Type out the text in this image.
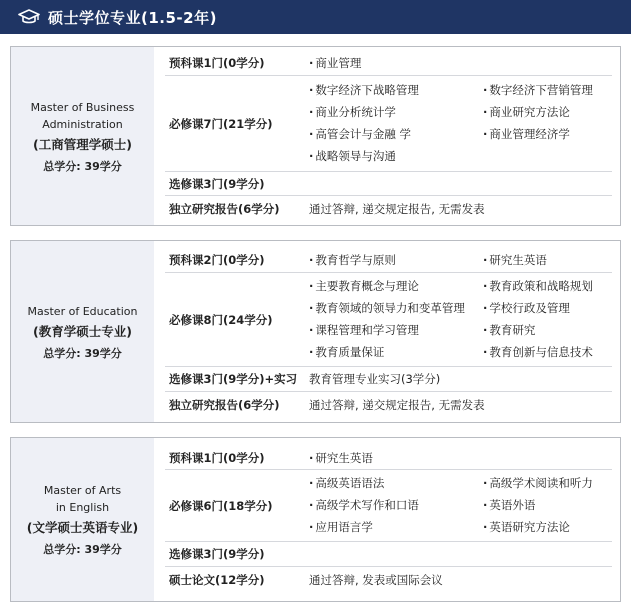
硕士学位专业(1.5-2年)
Master of Business
Administration
(工商管理学硕士)
总学分: 39学分
预科课1门(0学分)	· 商业管理
必修课7门(21学分)
· 数字经济下战略管理	· 数字经济下营销管理
· 商业分析统计学	· 商业研究方法论
· 高管会计与金融 学	· 商业管理经济学
· 战略领导与沟通
选修课3门(9学分)
独立研究报告(6学分)	通过答辩, 递交规定报告, 无需发表
Master of Education
(教育学硕士专业)
总学分: 39学分
预科课2门(0学分)	· 教育哲学与原则	· 研究生英语
必修课8门(24学分)
· 主要教育概念与理论	· 教育政策和战略规划
· 教育领域的领导力和变革管理	· 学校行政及管理
· 课程管理和学习管理	· 教育研究
· 教育质量保证	· 教育创新与信息技术
选修课3门(9学分)+实习	教育管理专业实习(3学分)
独立研究报告(6学分)	通过答辩, 递交规定报告, 无需发表
Master of Arts
in English
(文学硕士英语专业)
总学分: 39学分
预科课1门(0学分)	· 研究生英语
必修课6门(18学分)
· 高级英语语法	· 高级学术阅读和听力
· 高级学术写作和口语	· 英语外语
· 应用语言学	· 英语研究方法论
选修课3门(9学分)
硕士论文(12学分)	通过答辩, 发表或国际会议
